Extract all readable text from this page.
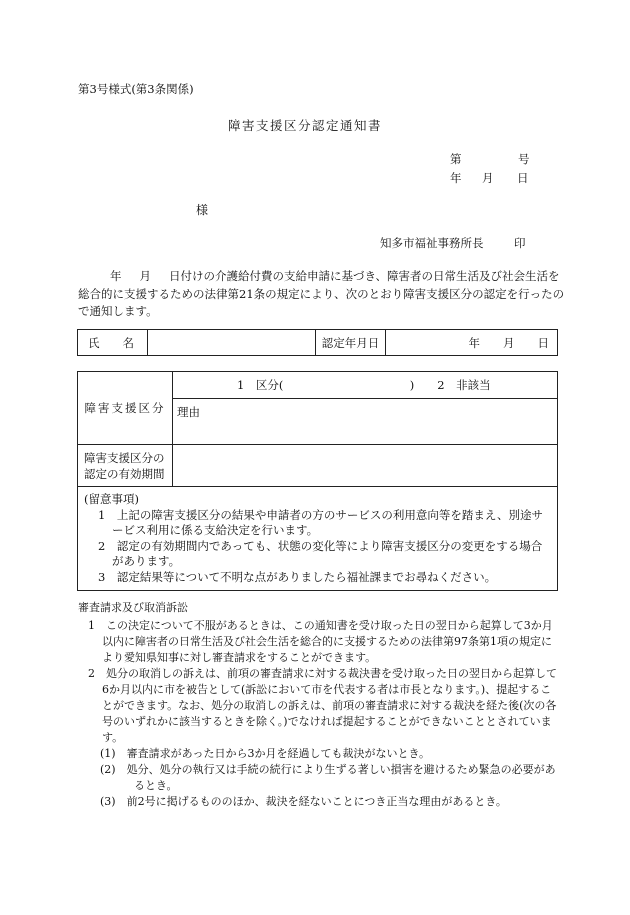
第3号様式(第3条関係)
障害支援区分認定通知書
第	号
年 月 日
様
知多市福祉事務所長	印
年 月 日付けの介護給付費の支給申請に基づき、障害者の日常生活及び社会生活を総合的に支援するための法律第21条の規定により、次のとおり障害支援区分の認定を行ったので通知します。
氏　　名		認定年月日	年　　月　　日
障害支援区分	1　区分(　　　　　　　　　　　)　　2　非該当
	理由

障害支援区分の
認定の有効期間	

(留意事項)
1　上記の障害支援区分の結果や申請者の方のサービスの利用意向等を踏まえ、別途サービス利用に係る支給決定を行います。
2　認定の有効期間内であっても、状態の変化等により障害支援区分の変更をする場合があります。
3　認定結果等について不明な点がありましたら福祉課までお尋ねください。	
審査請求及び取消訴訟
1　この決定について不服があるときは、この通知書を受け取った日の翌日から起算して3か月以内に障害者の日常生活及び社会生活を総合的に支援するための法律第97条第1項の規定により愛知県知事に対し審査請求をすることができます。
2　処分の取消しの訴えは、前項の審査請求に対する裁決書を受け取った日の翌日から起算して6か月以内に市を被告として(訴訟において市を代表する者は市長となります。)、提起することができます。なお、処分の取消しの訴えは、前項の審査請求に対する裁決を経た後(次の各号のいずれかに該当するときを除く。)でなければ提起することができないこととされています。
(1)　審査請求があった日から3か月を経過しても裁決がないとき。
(2)　処分、処分の執行又は手続の続行により生ずる著しい損害を避けるため緊急の必要があるとき。
(3)　前2号に掲げるもののほか、裁決を経ないことにつき正当な理由があるとき。
